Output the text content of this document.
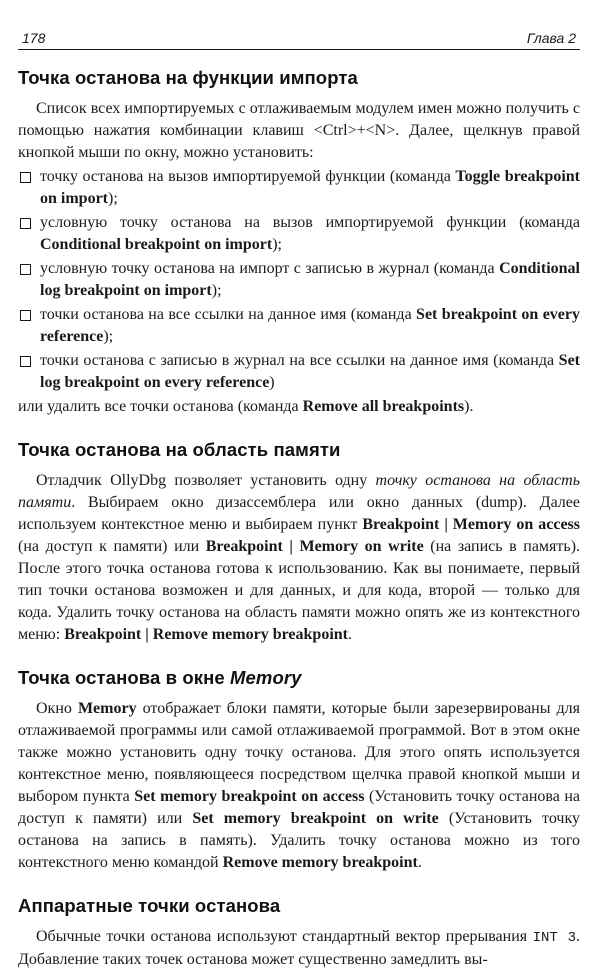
178	Глава 2
Точка останова на функции импорта

Список всех импортируемых с отлаживаемым модулем имен можно получить с помощью нажатия комбинации клавиш <Ctrl>+<N>. Далее, щелкнув правой кнопкой мыши по окну, можно установить:

точку останова на вызов импортируемой функции (команда Toggle breakpoint on import);
условную точку останова на вызов импортируемой функции (команда Conditional breakpoint on import);
условную точку останова на импорт с записью в журнал (команда Conditional log breakpoint on import);
точки останова на все ссылки на данное имя (команда Set breakpoint on every reference);
точки останова с записью в журнал на все ссылки на данное имя (команда Set log breakpoint on every reference)

или удалить все точки останова (команда Remove all breakpoints).

Точка останова на область памяти

Отладчик OllyDbg позволяет установить одну точку останова на область памяти. Выбираем окно дизассемблера или окно данных (dump). Далее используем контекстное меню и выбираем пункт Breakpoint | Memory on access (на доступ к памяти) или Breakpoint | Memory on write (на запись в память). После этого точка останова готова к использованию. Как вы понимаете, первый тип точки останова возможен и для данных, и для кода, второй — только для кода. Удалить точку останова на область памяти можно опять же из контекстного меню: Breakpoint | Remove memory breakpoint.

Точка останова в окне Memory

Окно Memory отображает блоки памяти, которые были зарезервированы для отлаживаемой программы или самой отлаживаемой программой. Вот в этом окне также можно установить одну точку останова. Для этого опять используется контекстное меню, появляющееся посредством щелчка правой кнопкой мыши и выбором пункта Set memory breakpoint on access (Установить точку останова на доступ к памяти) или Set memory breakpoint on write (Установить точку останова на запись в память). Удалить точку останова можно из того контекстного меню командой Remove memory breakpoint.

Аппаратные точки останова

Обычные точки останова используют стандартный вектор прерывания INT 3. Добавление таких точек останова может существенно замедлить вы-
